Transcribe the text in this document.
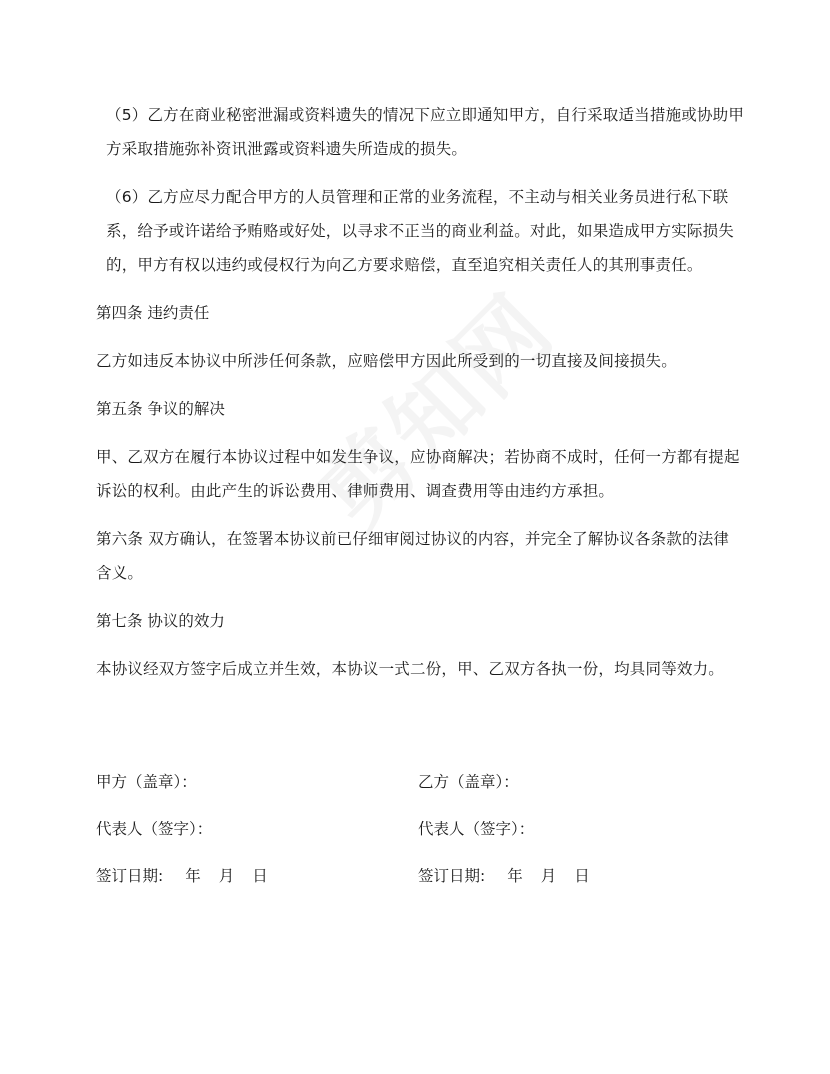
（5）乙方在商业秘密泄漏或资料遗失的情况下应立即通知甲方，自行采取适当措施或协助甲方采取措施弥补资讯泄露或资料遗失所造成的损失。

（6）乙方应尽力配合甲方的人员管理和正常的业务流程，不主动与相关业务员进行私下联系，给予或许诺给予贿赂或好处，以寻求不正当的商业利益。对此，如果造成甲方实际损失的，甲方有权以违约或侵权行为向乙方要求赔偿，直至追究相关责任人的其刑事责任。

第四条 违约责任

乙方如违反本协议中所涉任何条款，应赔偿甲方因此所受到的一切直接及间接损失。

第五条 争议的解决

甲、乙双方在履行本协议过程中如发生争议，应协商解决；若协商不成时，任何一方都有提起诉讼的权利。由此产生的诉讼费用、律师费用、调查费用等由违约方承担。

第六条 双方确认，在签署本协议前已仔细审阅过协议的内容，并完全了解协议各条款的法律含义。

第七条 协议的效力

本协议经双方签字后成立并生效，本协议一式二份，甲、乙双方各执一份，均具同等效力。

甲方（盖章）：	乙方（盖章）：
代表人（签字）：	代表人（签字）：
签订日期: 年 月 日	签订日期: 年 月 日
